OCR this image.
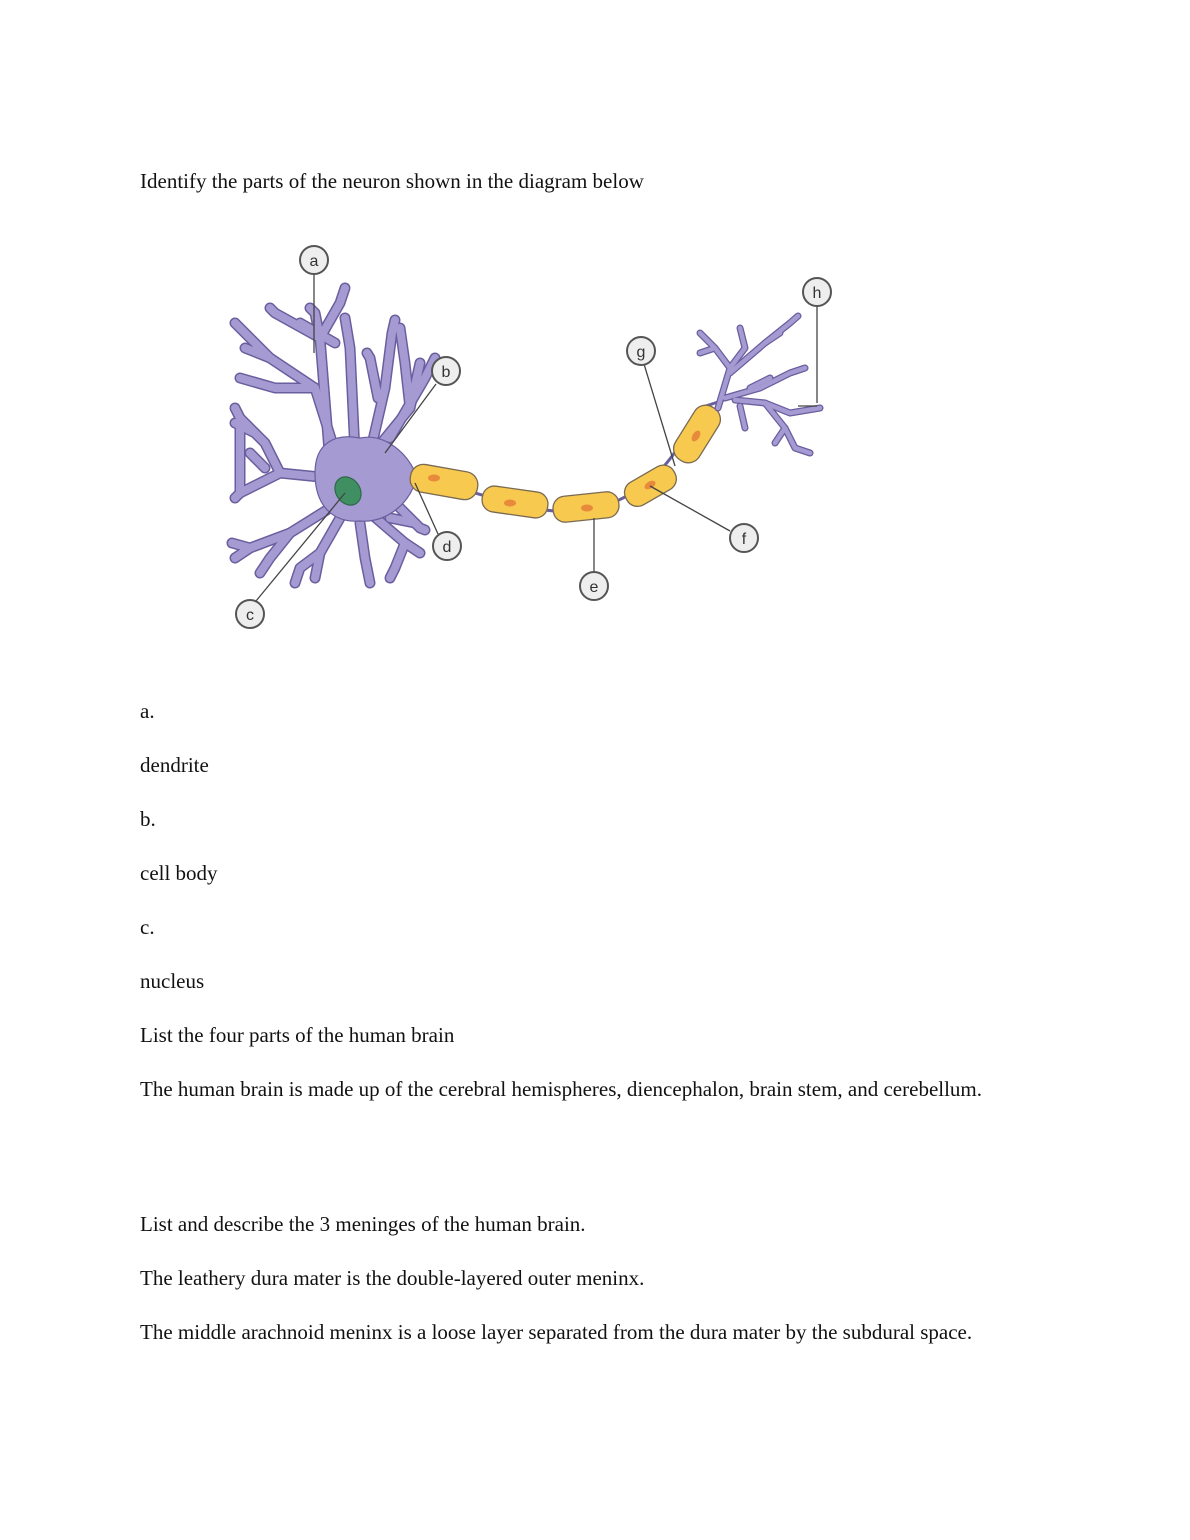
Identify the parts of the neuron shown in the diagram below

a
b
c
d
e
f
g
h

a.

dendrite

b.

cell body

c.

nucleus

List the four parts of the human brain

The human brain is made up of the cerebral hemispheres, diencephalon, brain stem, and cerebellum.

List and describe the 3 meninges of the human brain.

The leathery dura mater is the double-layered outer meninx.

The middle arachnoid meninx is a loose layer separated from the dura mater by the subdural space.
